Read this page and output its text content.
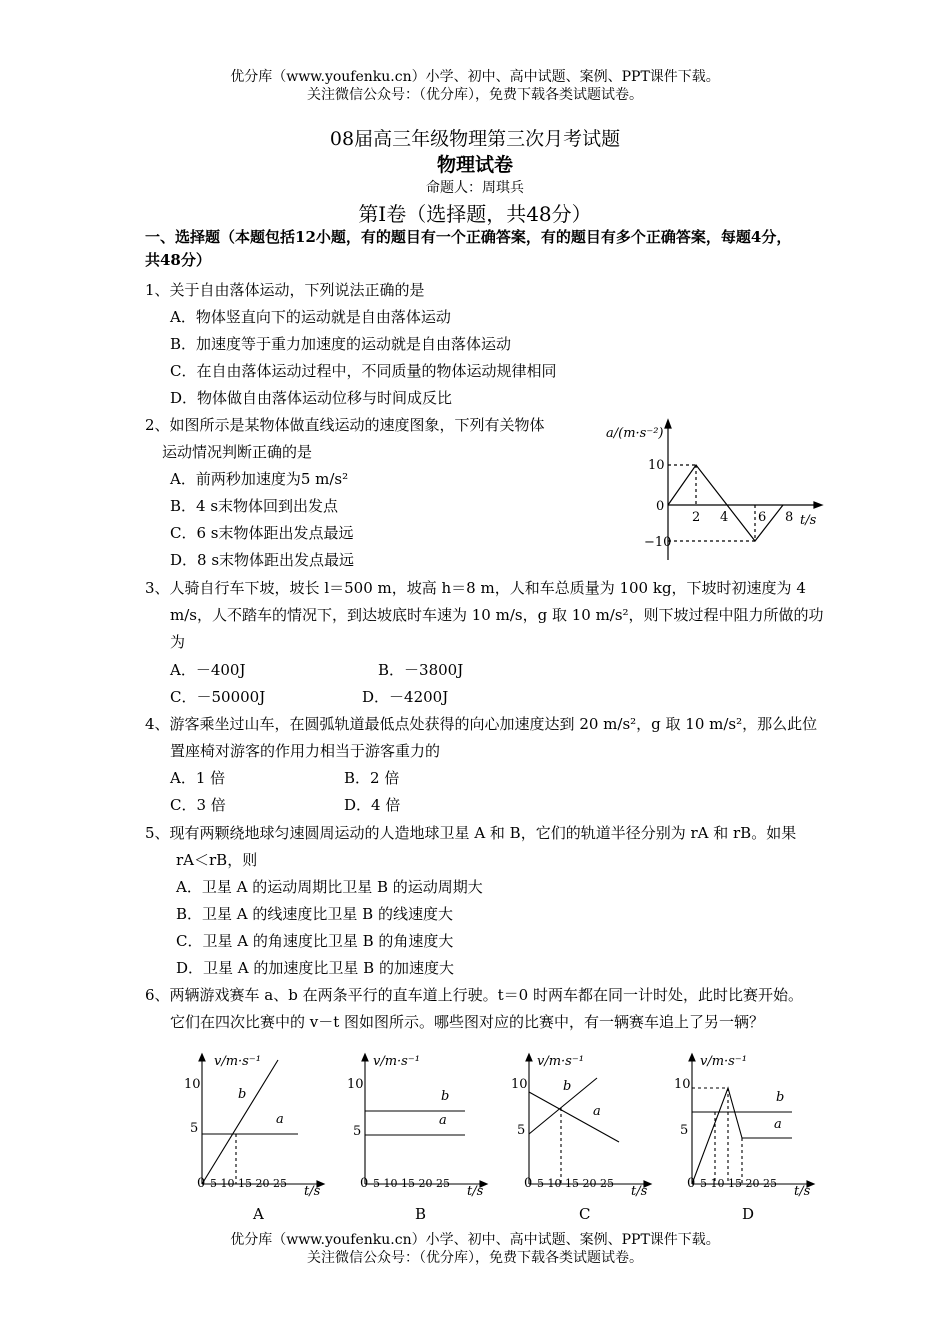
优分库（www.youfenku.cn）小学、初中、高中试题、案例、PPT课件下载。
关注微信公众号：（优分库），免费下载各类试题试卷。
08届高三年级物理第三次月考试题
物理试卷
命题人：周琪兵
第Ⅰ卷（选择题，共48分）
一、选择题（本题包括12小题，有的题目有一个正确答案，有的题目有多个正确答案，每题4分，
共48分）
1、关于自由落体运动，下列说法正确的是
A．物体竖直向下的运动就是自由落体运动
B．加速度等于重力加速度的运动就是自由落体运动
C．在自由落体运动过程中，不同质量的物体运动规律相同
D．物体做自由落体运动位移与时间成反比
2、如图所示是某物体做直线运动的速度图象，下列有关物体
运动情况判断正确的是
A．前两秒加速度为5 m/s²
B．4 s末物体回到出发点
C．6 s末物体距出发点最远
D．8 s末物体距出发点最远
a/(m·s⁻²)
10
0
−10
2 4 6 8 t/s
3、人骑自行车下坡，坡长 l＝500 m，坡高 h＝8 m，人和车总质量为 100 kg，下坡时初速度为 4
m/s，人不踏车的情况下，到达坡底时车速为 10 m/s，g 取 10 m/s²，则下坡过程中阻力所做的功
为
A．－400J	B．－3800J
C．－50000J	D．－4200J
4、游客乘坐过山车，在圆弧轨道最低点处获得的向心加速度达到 20 m/s²，g 取 10 m/s²，那么此位
置座椅对游客的作用力相当于游客重力的
A．1 倍	B．2 倍
C．3 倍	D．4 倍
5、现有两颗绕地球匀速圆周运动的人造地球卫星 A 和 B，它们的轨道半径分别为 rA 和 rB。如果
rA＜rB，则
A．卫星 A 的运动周期比卫星 B 的运动周期大
B．卫星 A 的线速度比卫星 B 的线速度大
C．卫星 A 的角速度比卫星 B 的角速度大
D．卫星 A 的加速度比卫星 B 的加速度大
6、两辆游戏赛车 a、b 在两条平行的直车道上行驶。t＝0 时两车都在同一计时处，此时比赛开始。
它们在四次比赛中的 v－t 图如图所示。哪些图对应的比赛中，有一辆赛车追上了另一辆？
v/m·s⁻¹
10
5
0 5 10 15 20 25
t/s
b
a
A
v/m·s⁻¹
10
5
0 5 10 15 20 25
t/s
b
a
B
v/m·s⁻¹
10
5
0 5 10 15 20 25
t/s
b
a
C
v/m·s⁻¹
10
5
0 5 10 15 20 25
t/s
b
a
D
优分库（www.youfenku.cn）小学、初中、高中试题、案例、PPT课件下载。
关注微信公众号：（优分库），免费下载各类试题试卷。
